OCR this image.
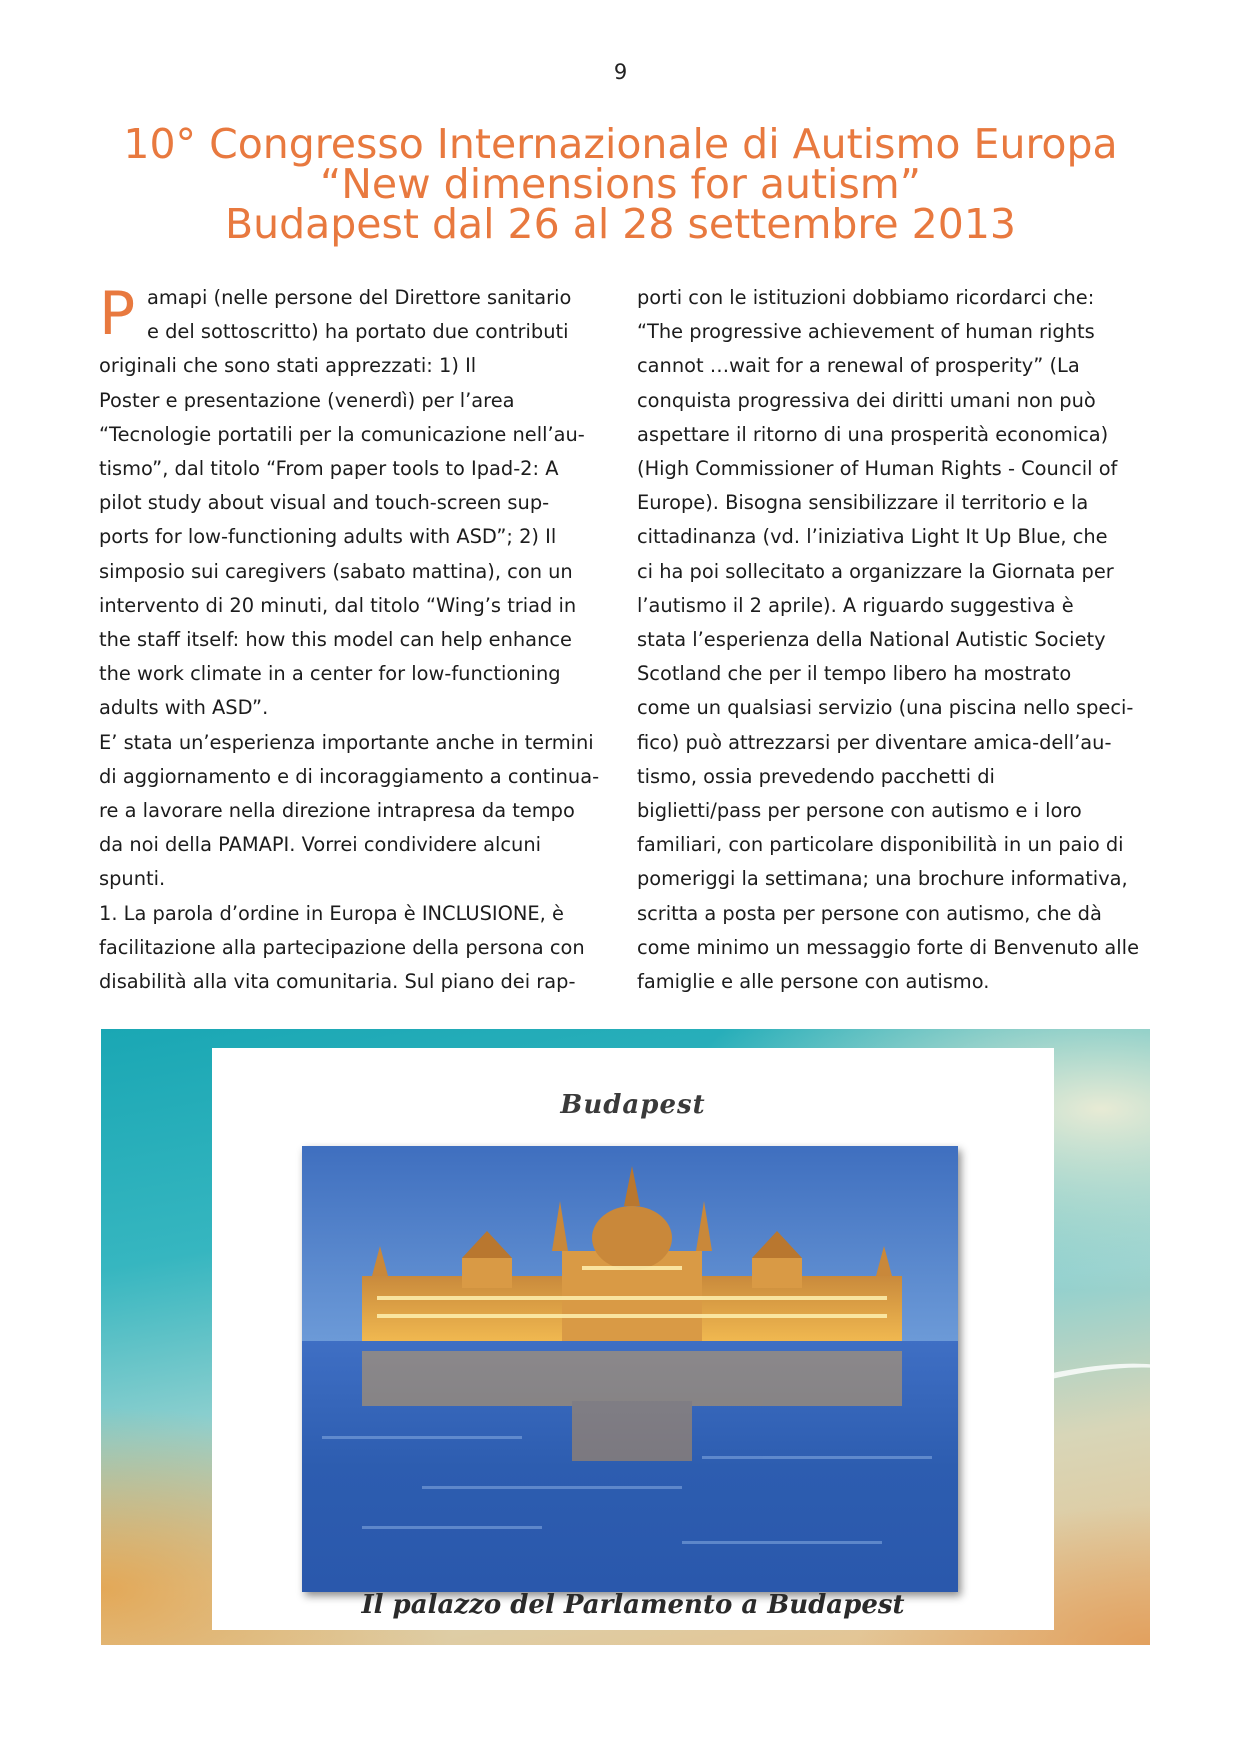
9
10° Congresso Internazionale di Autismo Europa
“New dimensions for autism”
Budapest dal 26 al 28 settembre 2013
P amapi (nelle persone del Direttore sanitario

e del sottoscritto) ha portato due contributi

originali che sono stati apprezzati: 1) Il

Poster e presentazione (venerdì) per l’area

“Tecnologie portatili per la comunicazione nell’au-

tismo”, dal titolo “From paper tools to Ipad-2: A

pilot study about visual and touch-screen sup-

ports for low-functioning adults with ASD”; 2) Il

simposio sui caregivers (sabato mattina), con un

intervento di 20 minuti, dal titolo “Wing’s triad in

the staff itself: how this model can help enhance

the work climate in a center for low-functioning

adults with ASD”.

E’ stata un’esperienza importante anche in termini

di aggiornamento e di incoraggiamento a continua-

re a lavorare nella direzione intrapresa da tempo

da noi della PAMAPI. Vorrei condividere alcuni

spunti.

1. La parola d’ordine in Europa è INCLUSIONE, è

facilitazione alla partecipazione della persona con

disabilità alla vita comunitaria. Sul piano dei rap-

porti con le istituzioni dobbiamo ricordarci che:

“The progressive achievement of human rights

cannot …wait for a renewal of prosperity” (La

conquista progressiva dei diritti umani non può

aspettare il ritorno di una prosperità economica)

(High Commissioner of Human Rights - Council of

Europe). Bisogna sensibilizzare il territorio e la

cittadinanza (vd. l’iniziativa Light It Up Blue, che

ci ha poi sollecitato a organizzare la Giornata per

l’autismo il 2 aprile). A riguardo suggestiva è

stata l’esperienza della National Autistic Society

Scotland che per il tempo libero ha mostrato

come un qualsiasi servizio (una piscina nello speci-

fico) può attrezzarsi per diventare amica-dell’au-

tismo, ossia prevedendo pacchetti di

biglietti/pass per persone con autismo e i loro

familiari, con particolare disponibilità in un paio di

pomeriggi la settimana; una brochure informativa,

scritta a posta per persone con autismo, che dà

come minimo un messaggio forte di Benvenuto alle

famiglie e alle persone con autismo.

Budapest
Il palazzo del Parlamento a Budapest
